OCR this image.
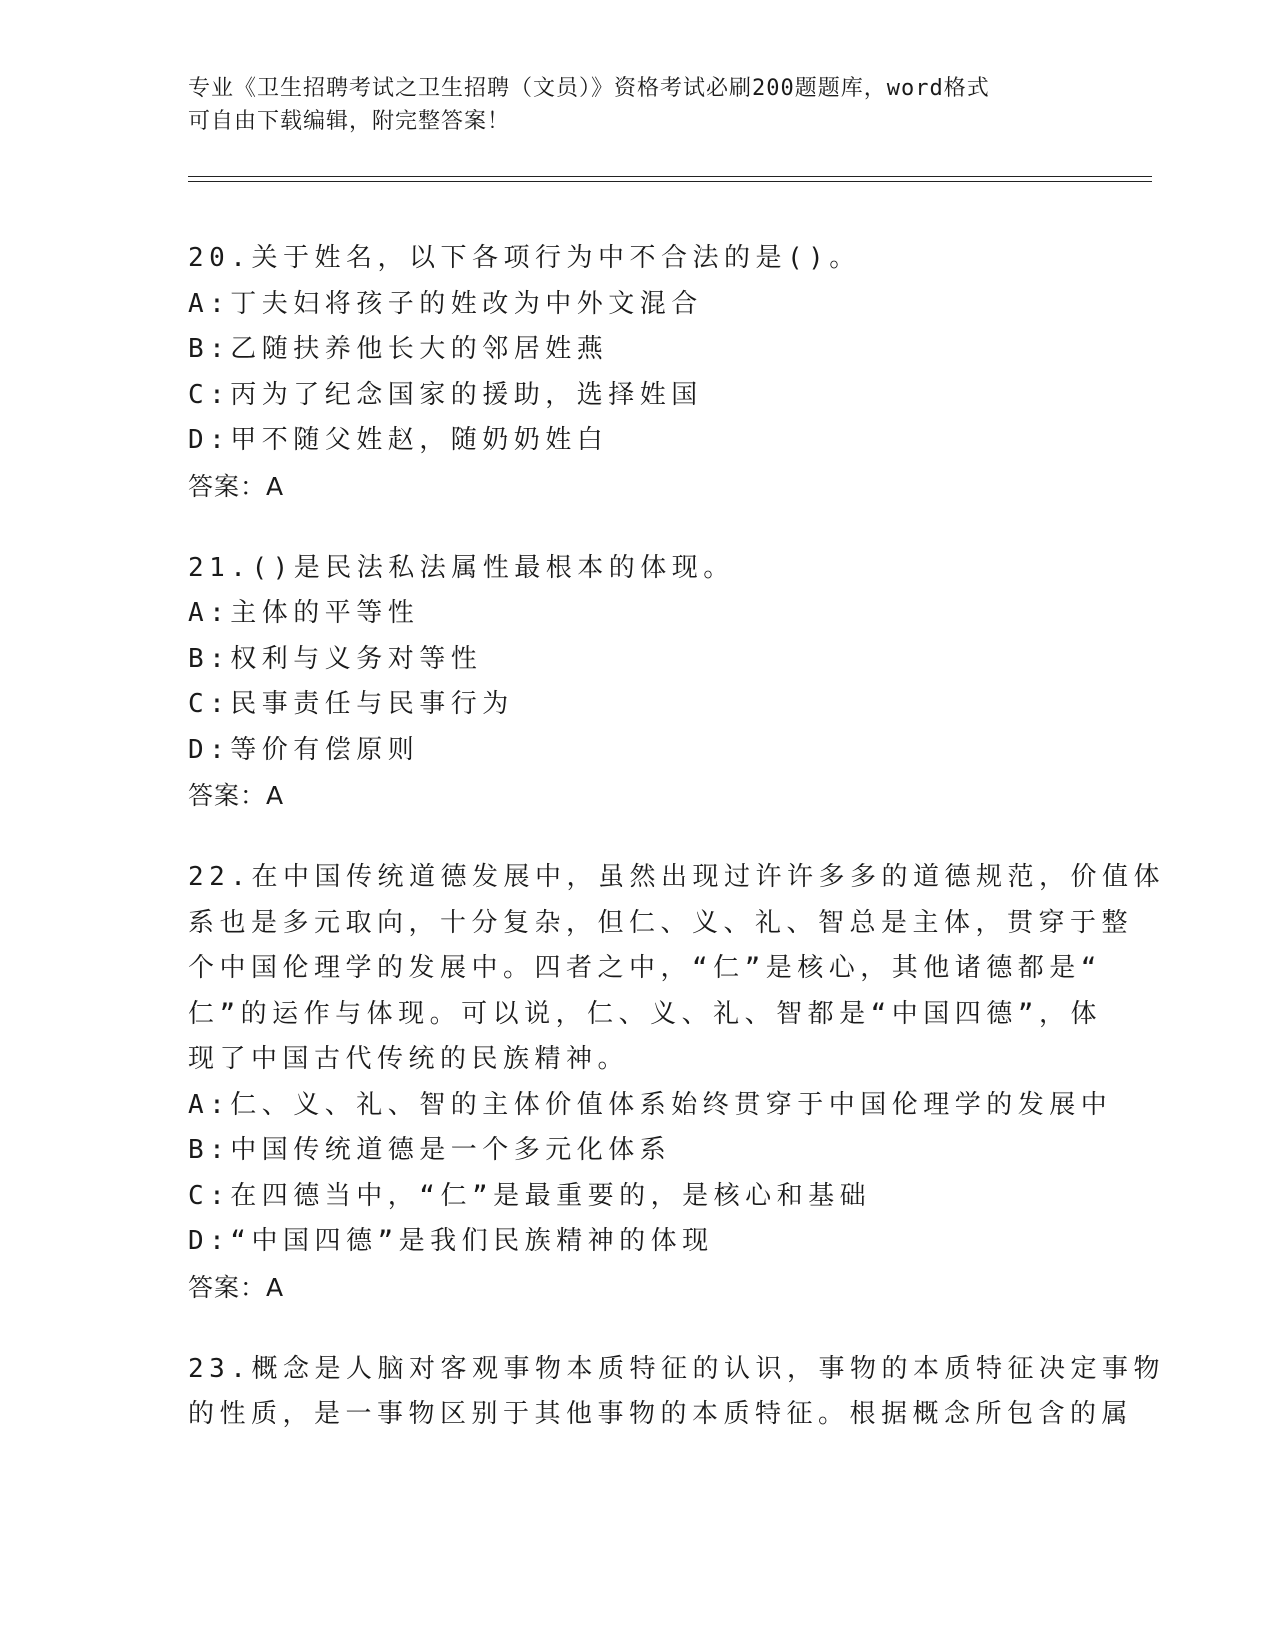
专业《卫生招聘考试之卫生招聘（文员）》资格考试必刷200题题库，word格式
可自由下载编辑，附完整答案！
20.关于姓名，以下各项行为中不合法的是()。
A:丁夫妇将孩子的姓改为中外文混合
B:乙随扶养他长大的邻居姓燕
C:丙为了纪念国家的援助，选择姓国
D:甲不随父姓赵，随奶奶姓白
答案：A
21.()是民法私法属性最根本的体现。
A:主体的平等性
B:权利与义务对等性
C:民事责任与民事行为
D:等价有偿原则
答案：A
22.在中国传统道德发展中，虽然出现过许许多多的道德规范，价值体
系也是多元取向，十分复杂，但仁、义、礼、智总是主体，贯穿于整
个中国伦理学的发展中。四者之中，“仁”是核心，其他诸德都是“
仁”的运作与体现。可以说，仁、义、礼、智都是“中国四德”，体
现了中国古代传统的民族精神。
A:仁、义、礼、智的主体价值体系始终贯穿于中国伦理学的发展中
B:中国传统道德是一个多元化体系
C:在四德当中，“仁”是最重要的，是核心和基础
D:“中国四德”是我们民族精神的体现
答案：A
23.概念是人脑对客观事物本质特征的认识，事物的本质特征决定事物
的性质，是一事物区别于其他事物的本质特征。根据概念所包含的属
